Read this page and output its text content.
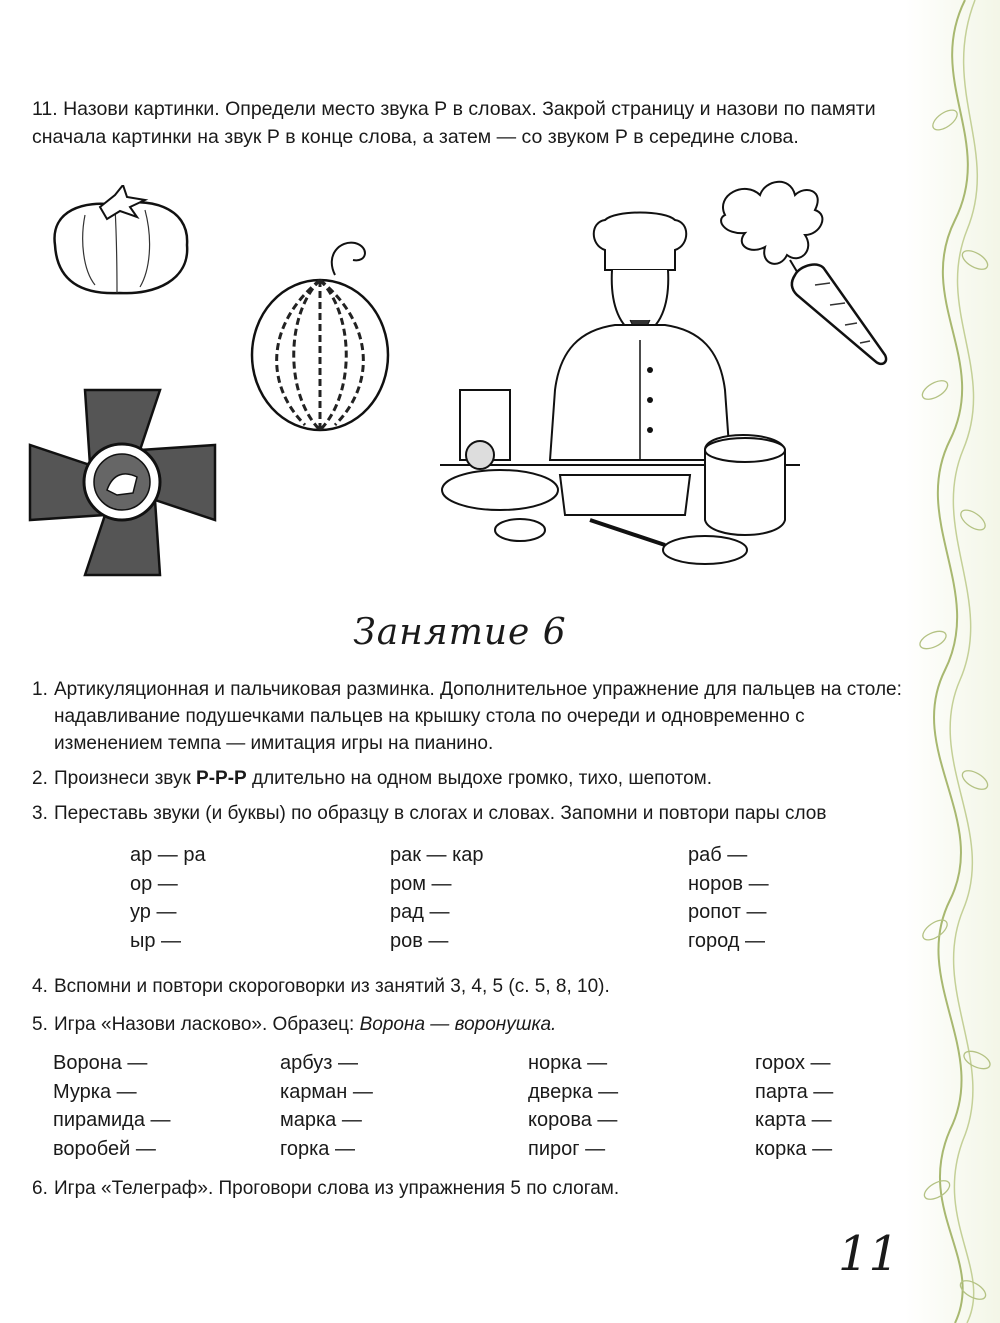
11. Назови картинки. Определи место звука Р в словах. Закрой страницу и назови по памяти сначала картинки на звук Р в конце слова, а затем — со звуком Р в середине слова.
Занятие 6
1. Артикуляционная и пальчиковая разминка. Дополнительное упражнение для пальцев на столе: надавливание подушечками пальцев на крышку стола по очереди и одновременно с изменением темпа — имитация игры на пианино.
2. Произнеси звук Р-Р-Р длительно на одном выдохе громко, тихо, шепотом.
3. Переставь звуки (и буквы) по образцу в слогах и словах. Запомни и повтори пары слов
ар — ра
ор —
ур —
ыр —
рак — кар
ром —
рад —
ров —
раб —
норов —
ропот —
город —
4. Вспомни и повтори скороговорки из занятий 3, 4, 5 (с. 5, 8, 10).
5. Игра «Назови ласково». Образец: Ворона — воронушка.
Ворона —
Мурка —
пирамида —
воробей —
арбуз —
карман —
марка —
горка —
норка —
дверка —
корова —
пирог —
горох —
парта —
карта —
корка —
6. Игра «Телеграф». Проговори слова из упражнения 5 по слогам.
11
